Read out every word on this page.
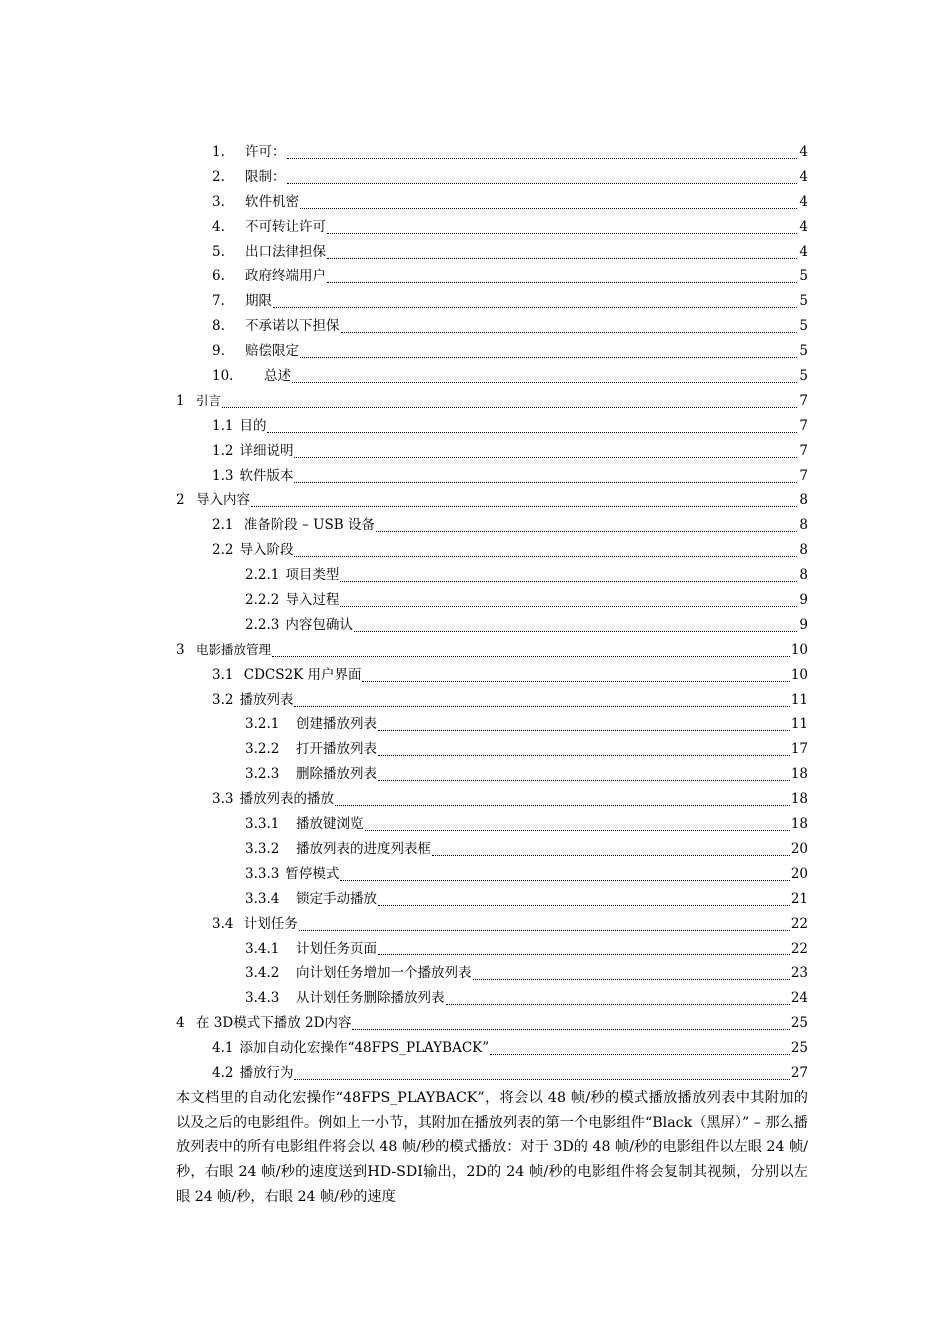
1. 许可：	4
2. 限制：	4
3. 软件机密	4
4. 不可转让许可	4
5. 出口法律担保	4
6. 政府终端用户	5
7. 期限	5
8. 不承诺以下担保	5
9. 赔偿限定	5
10. 总述	5
1 引言	7
1.1 目的	7
1.2 详细说明	7
1.3 软件版本	7
2 导入内容	8
2.1 准备阶段 – USB 设备	8
2.2 导入阶段	8
2.2.1 项目类型	8
2.2.2 导入过程	9
2.2.3 内容包确认	9
3 电影播放管理	10
3.1 CDCS2K 用户界面	10
3.2 播放列表	11
3.2.1 创建播放列表	11
3.2.2 打开播放列表	17
3.2.3 删除播放列表	18
3.3 播放列表的播放	18
3.3.1 播放键浏览	18
3.3.2 播放列表的进度列表框	20
3.3.3 暂停模式	20
3.3.4 锁定手动播放	21
3.4 计划任务	22
3.4.1 计划任务页面	22
3.4.2 向计划任务增加一个播放列表	23
3.4.3 从计划任务删除播放列表	24
4 在 3D模式下播放 2D内容	25
4.1 添加自动化宏操作“48FPS_PLAYBACK”	25
4.2 播放行为	27

本文档里的自动化宏操作“48FPS_PLAYBACK”，将会以 48 帧/秒的模式播放播放列表中其附加的以及之后的电影组件。例如上一小节，其附加在播放列表的第一个电影组件“Black（黑屏）” – 那么播放列表中的所有电影组件将会以 48 帧/秒的模式播放：对于 3D的 48 帧/秒的电影组件以左眼 24 帧/秒，右眼 24 帧/秒的速度送到HD-SDI输出，2D的 24 帧/秒的电影组件将会复制其视频，分别以左眼 24 帧/秒，右眼 24 帧/秒的速度
